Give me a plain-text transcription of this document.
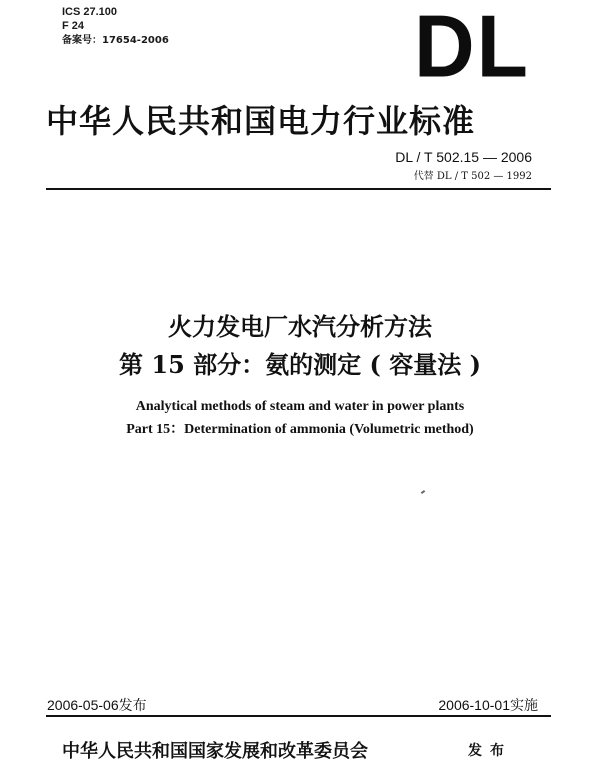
ICS 27.100
F 24
备案号：17654-2006	DL
中华人民共和国电力行业标准
DL / T 502.15 — 2006
代替 DL / T 502 — 1992
火力发电厂水汽分析方法
第 15 部分：氨的测定 ( 容量法 )
Analytical methods of steam and water in power plants
Part 15：Determination of ammonia (Volumetric method)
2006-05-06发布	2006-10-01实施
中华人民共和国国家发展和改革委员会	发布
